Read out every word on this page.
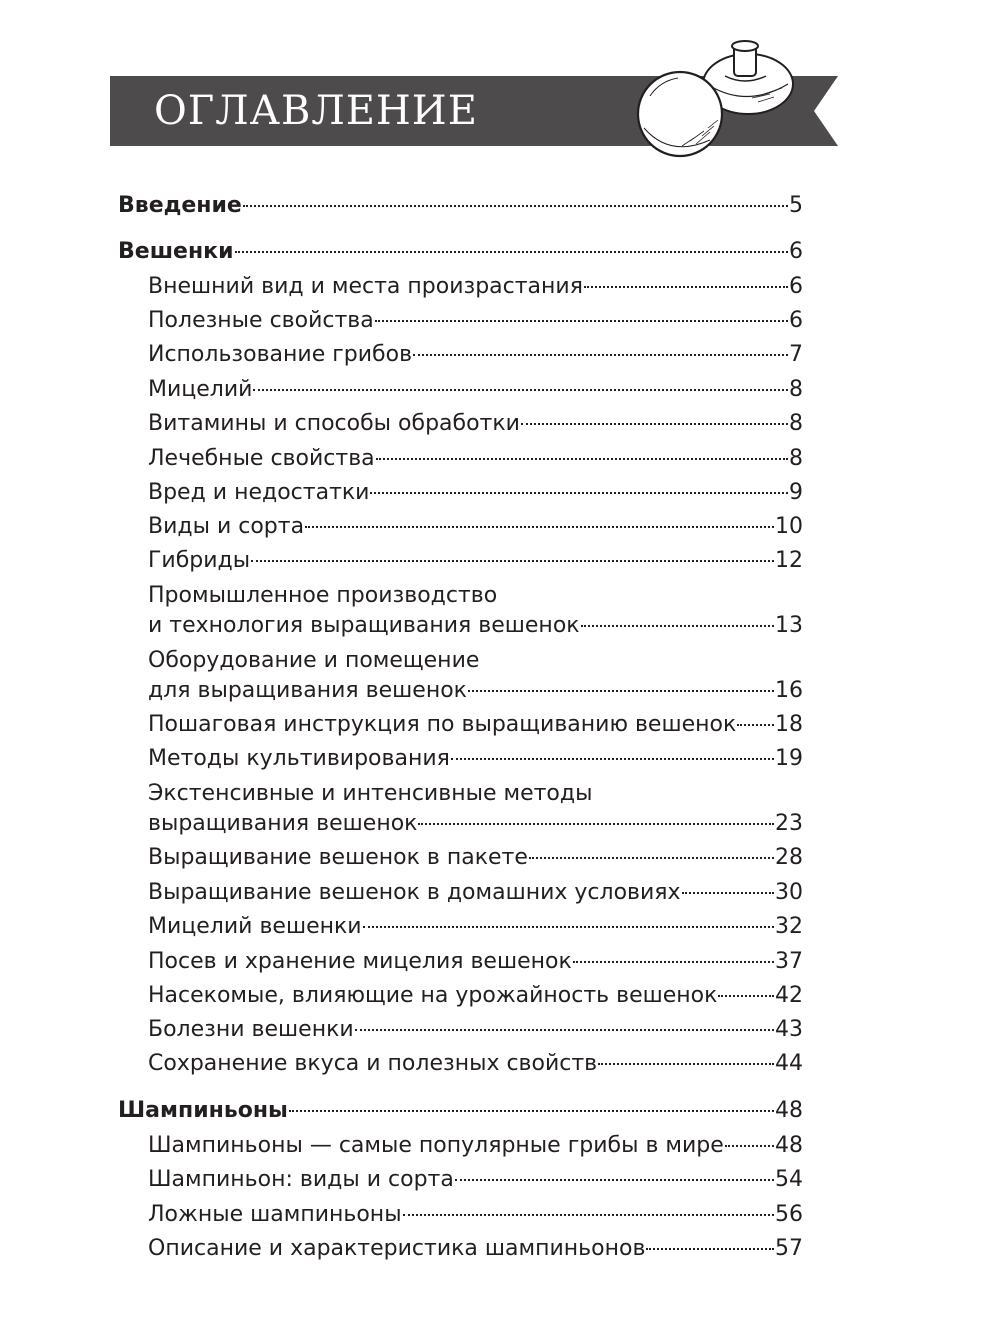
ОГЛАВЛЕНИЕ
Введение	5
Вешенки	6
Внешний вид и места произрастания	6
Полезные свойства	6
Использование грибов	7
Мицелий	8
Витамины и способы обработки	8
Лечебные свойства	8
Вред и недостатки	9
Виды и сорта	10
Гибриды	12
Промышленное производство
и технология выращивания вешенок	13
Оборудование и помещение
для выращивания вешенок	16
Пошаговая инструкция по выращиванию вешенок 18
Методы культивирования	19
Экстенсивные и интенсивные методы
выращивания вешенок	23
Выращивание вешенок в пакете	28
Выращивание вешенок в домашних условиях	30
Мицелий вешенки	32
Посев и хранение мицелия вешенок	37
Насекомые, влияющие на урожайность вешенок	42
Болезни вешенки	43
Сохранение вкуса и полезных свойств	44
Шампиньоны	48
Шампиньоны — самые популярные грибы в мире 48
Шампиньон: виды и сорта	54
Ложные шампиньоны	56
Описание и характеристика шампиньонов	57
